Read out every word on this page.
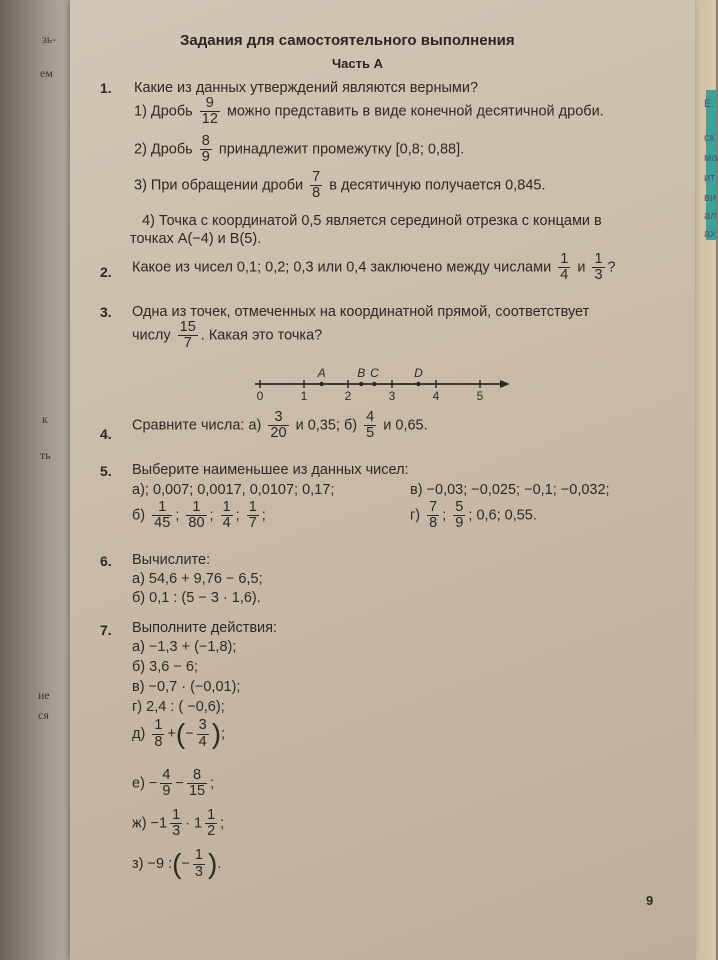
зь-
ем
к
ть
ие
ся
Е.
ск
ма
ит
ви
ал
ах
Задания для самостоятельного выполнения
Часть А
1. Какие из данных утверждений являются верными?
1) Дробь $\frac{9}{12}$ можно представить в виде конечной десятичной дроби.
2) Дробь $\frac{8}{9}$ принадлежит промежутку [0,8; 0,88].
3) При обращении дроби $\frac{7}{8}$ в десятичную получается 0,845.
4) Точка с координатой 0,5 является серединой отрезка с концами в
точках A(−4) и B(5).
2. Какое из чисел 0,1; 0,2; 0,3 или 0,4 заключено между числами $\frac{1}{4}$ и $\frac{1}{3}$ ?
3. Одна из точек, отмеченных на координатной прямой, соответствует
числу $\frac{15}{7}$ . Какая это точка?
0	1	2	3	4	5
A	B C	D
4.
Сравните числа: $а) \frac{3}{20}$ и 0,35; $б) \frac{4}{5}$ и 0,65.
5. Выберите наименьшее из данных чисел:
а); 0,007; 0,0017, 0,0107; 0,17;	в) −0,03; −0,025; −0,1; −0,032;
$б) \frac{1}{45}$ ; $\frac{1}{80}$ ; $\frac{1}{4}$ ; $\frac{1}{7}$ ;	$г) \frac{7}{8}$ ; $\frac{5}{9}$ ; 0,6; 0,55.
6. Вычислите:
а) 54,6 + 9,76 − 6,5;
б) 0,1 : (5 − 3 · 1,6).
7. Выполните действия:
а) −1,3 + (−1,8);
б) 3,6 − 6;
в) −0,7 · (−0,01);
г) 2,4 : ( −0,6);
$д) \frac{1}{8}$ +(− $\frac{3}{4}$ );
$е) - \frac{4}{9} - \frac{8}{15}$ ;
$ж) -1 \frac{1}{3} \cdot 1 \frac{1}{2}$ ;
з) −9 :(− $\frac{1}{3}$ ).
9
